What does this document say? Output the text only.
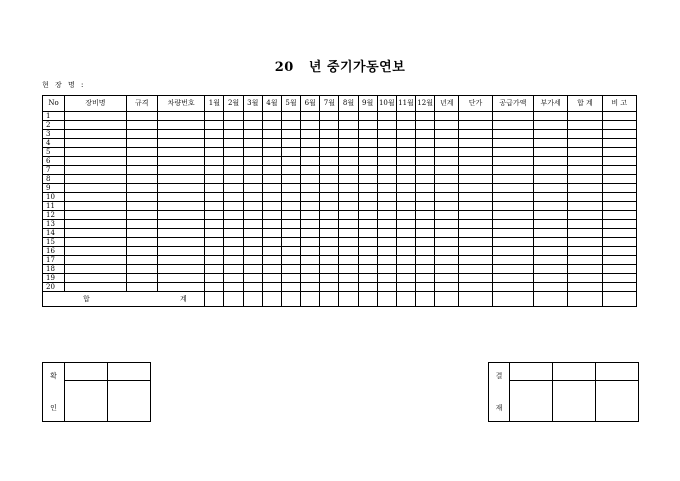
20 년 중기가동연보
현 장 명 :
No	장비명	규격	차량번호	1월	2월	3월	4월	5월	6월	7월	8월	9월	10월	11월	12월	년계	단가	공급가액	부가세	합 계	비 고
1																					
2																					
3																					
4																					
5																					
6																					
7																					
8																					
9																					
10																					
11																					
12																					
13																					
14																					
15																					
16																					
17																					
18																					
19																					
20																					
합 계																					
확
인		

결
재			
